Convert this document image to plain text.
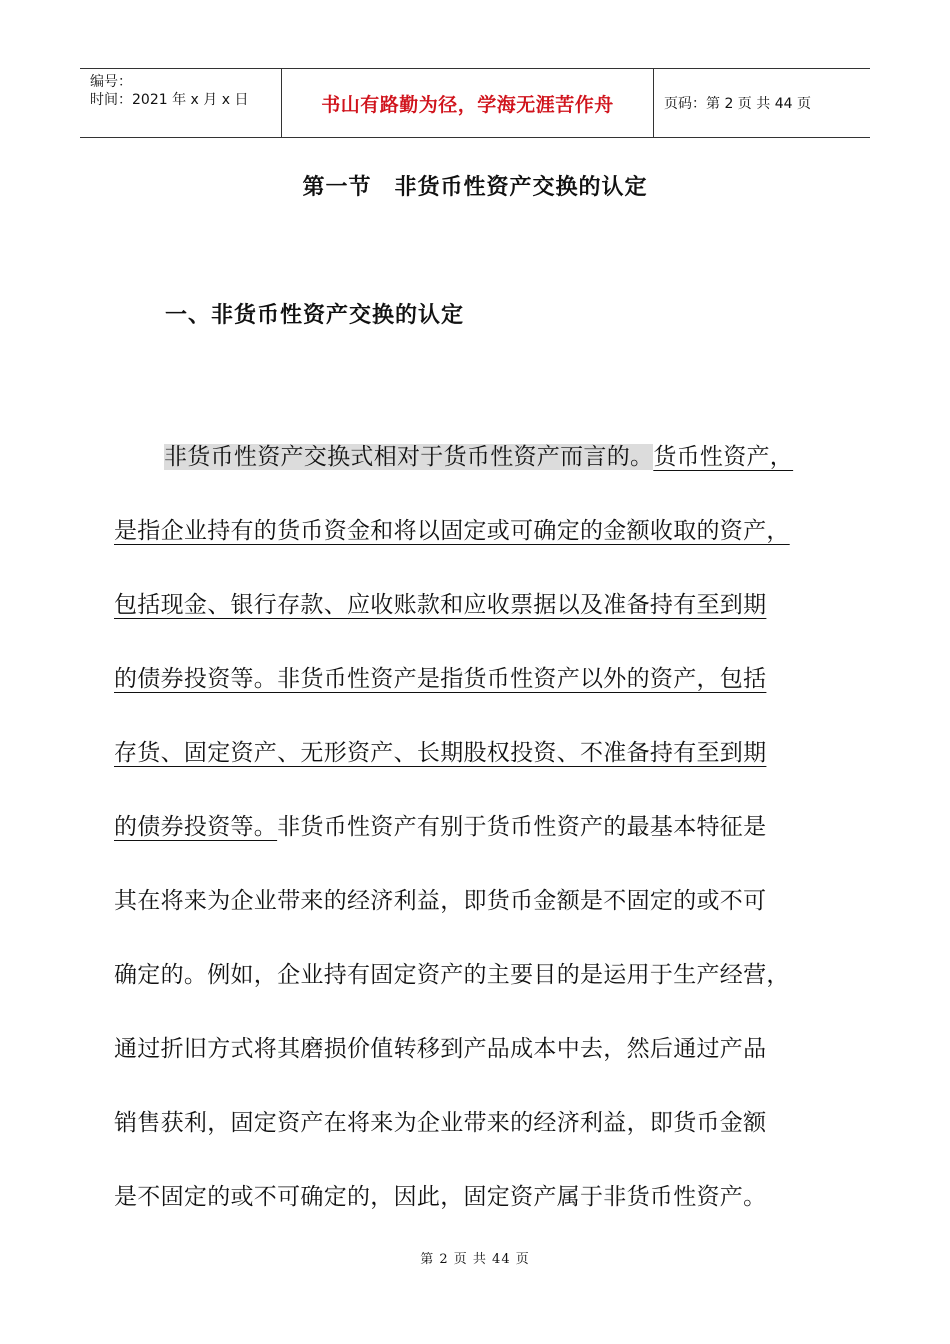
编号：
时间：2021 年 x 月 x 日	书山有路勤为径，学海无涯苦作舟	页码：第 2 页 共 44 页
第一节　非货币性资产交换的认定
一、非货币性资产交换的认定
非货币性资产交换式相对于货币性资产而言的。货币性资产，
是指企业持有的货币资金和将以固定或可确定的金额收取的资产，
包括现金、银行存款、应收账款和应收票据以及准备持有至到期
的债券投资等。非货币性资产是指货币性资产以外的资产，包括
存货、固定资产、无形资产、长期股权投资、不准备持有至到期
的债券投资等。非货币性资产有别于货币性资产的最基本特征是
其在将来为企业带来的经济利益，即货币金额是不固定的或不可
确定的。例如，企业持有固定资产的主要目的是运用于生产经营，
通过折旧方式将其磨损价值转移到产品成本中去，然后通过产品
销售获利，固定资产在将来为企业带来的经济利益，即货币金额
是不固定的或不可确定的，因此，固定资产属于非货币性资产。
第 2 页 共 44 页
